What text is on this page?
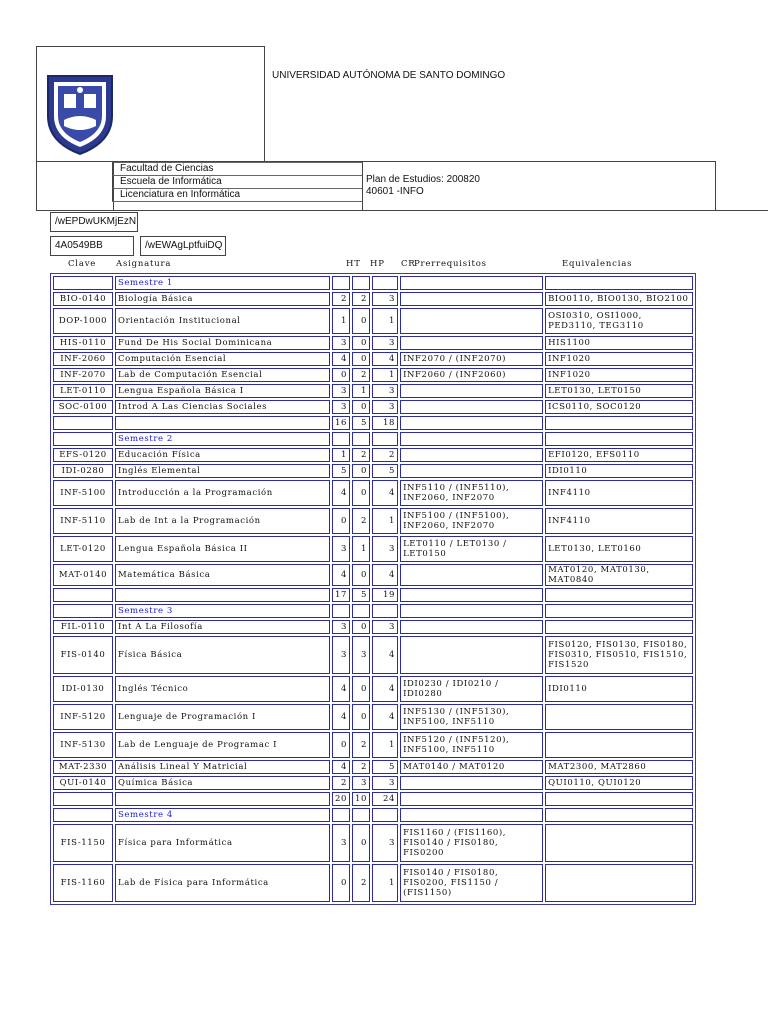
UNIVERSIDAD AUTÓNOMA DE SANTO DOMINGO
Facultad de Ciencias
Escuela de Informática
Licenciatura en Informática
Plan de Estudios: 200820
40601 -INFO
/wEPDwUKMjEzN
4A0549BB	/wEWAgLptfuiDQ
Clave Asignatura	HT HP CR
Prerrequisitos	Equivalencias
	Semestre 1					
BIO-0140	Biología Básica	2	2	3		BIO0110, BIO0130, BIO2100
DOP-1000	Orientación Institucional	1	0	1		OSI0310, OSI1000, PED3110, TEG3110
HIS-0110	Fund De His Social Dominicana	3	0	3		HIS1100
INF-2060	Computación Esencial	4	0	4	INF2070 / (INF2070)	INF1020
INF-2070	Lab de Computación Esencial	0	2	1	INF2060 / (INF2060)	INF1020
LET-0110	Lengua Española Básica I	3	1	3		LET0130, LET0150
SOC-0100	Introd A Las Ciencias Sociales	3	0	3		ICS0110, SOC0120
		16	5	18		
	Semestre 2					
EFS-0120	Educación Física	1	2	2		EFI0120, EFS0110
IDI-0280	Inglés Elemental	5	0	5		IDI0110
INF-5100	Introducción a la Programación	4	0	4	INF5110 / (INF5110), INF2060, INF2070	INF4110
INF-5110	Lab de Int a la Programación	0	2	1	INF5100 / (INF5100), INF2060, INF2070	INF4110
LET-0120	Lengua Española Básica II	3	1	3	LET0110 / LET0130 / LET0150	LET0130, LET0160
MAT-0140	Matemática Básica	4	0	4		MAT0120, MAT0130, MAT0840
		17	5	19		
	Semestre 3					
FIL-0110	Int A La Filosofía	3	0	3		
FIS-0140	Física Básica	3	3	4		FIS0120, FIS0130, FIS0180, FIS0310, FIS0510, FIS1510, FIS1520
IDI-0130	Inglés Técnico	4	0	4	IDI0230 / IDI0210 / IDI0280	IDI0110
INF-5120	Lenguaje de Programación I	4	0	4	INF5130 / (INF5130), INF5100, INF5110	
INF-5130	Lab de Lenguaje de Programac I	0	2	1	INF5120 / (INF5120), INF5100, INF5110	
MAT-2330	Análisis Lineal Y Matricial	4	2	5	MAT0140 / MAT0120	MAT2300, MAT2860
QUI-0140	Química Básica	2	3	3		QUI0110, QUI0120
		20	10	24		
	Semestre 4					
FIS-1150	Física para Informática	3	0	3	FIS1160 / (FIS1160), FIS0140 / FIS0180, FIS0200	
FIS-1160	Lab de Física para Informática	0	2	1	FIS0140 / FIS0180, FIS0200, FIS1150 / (FIS1150)	
